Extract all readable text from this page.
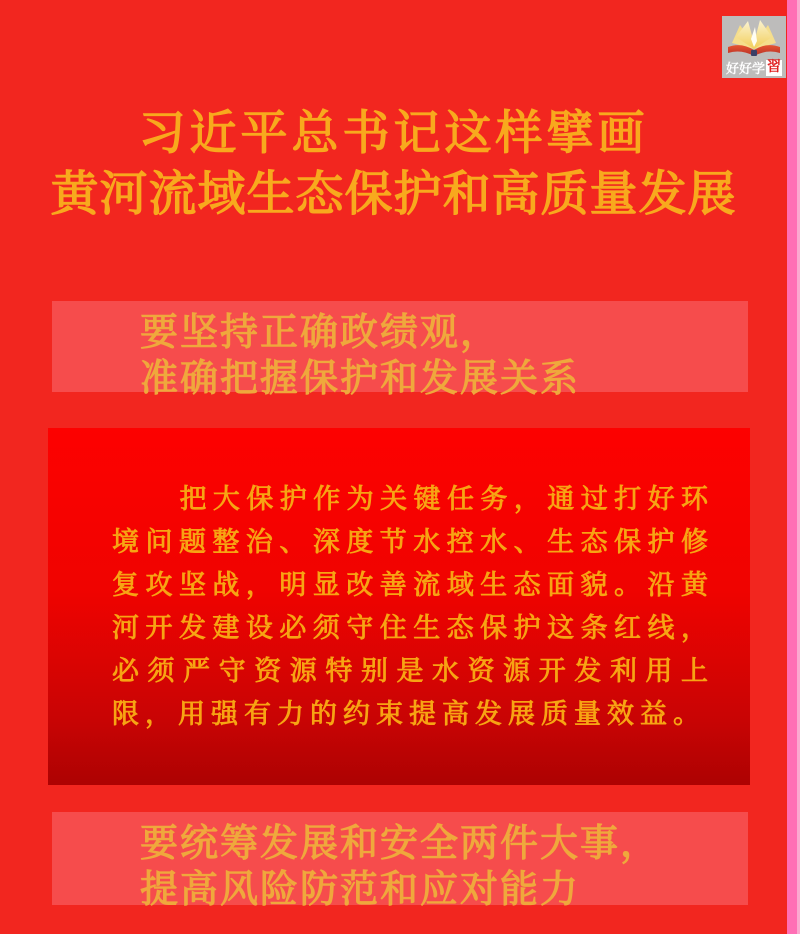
好好学 習
习近平总书记这样擘画
黄河流域生态保护和高质量发展
要坚持正确政绩观，
准确把握保护和发展关系

把大保护作为关键任务，通过打好环境问题整治、深度节水控水、生态保护修复攻坚战，明显改善流域生态面貌。沿黄河开发建设必须守住生态保护这条红线，必须严守资源特别是水资源开发利用上限，用强有力的约束提高发展质量效益。

要统筹发展和安全两件大事，
提高风险防范和应对能力
